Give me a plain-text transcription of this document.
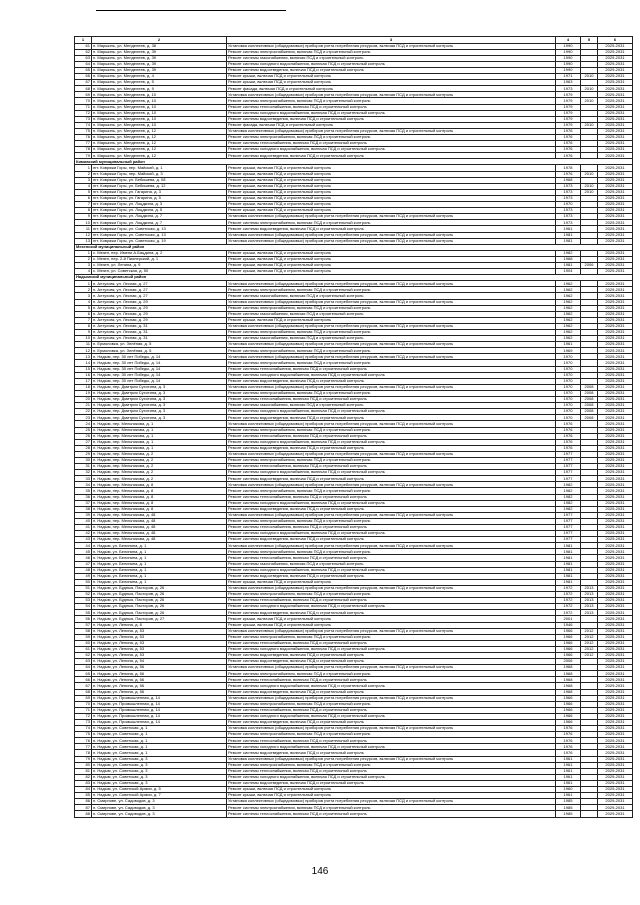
1	2	3	4	5	6
61	п. Маршинь, ул. Менделеев, д. 38	Установка коллективных (общедомовых) приборов учета потребления ресурсов, включая ПСД и строительный контроль	1990		2029-2031
62	п. Маршинь, ул. Менделеев, д. 39	Ремонт системы электроснабжения, включая ПСД и строительный контроль	1990		2029-2031
63	п. Маршинь, ул. Менделеев, д. 39	Ремонт системы газоснабжения, включая ПСД и строительный контроль	1990		2029-2031
64	п. Маршинь, ул. Менделеев, д. 39	Ремонт системы холодного водоснабжения, включая ПСД и строительный контроль	1990		2029-2031
65	п. Маршинь, ул. Менделеев, д. 39	Ремонт системы водоотведения, включая ПСД и строительный контроль	1990		2029-2031
66	п. Маршинь, ул. Менделеев, д. 4	Ремонт крыши, включая ПСД и строительный контроль	1971	2010	2029-2031
67	п. Маршинь, ул. Менделеев, д. 5	Ремонт крыши, включая ПСД и строительный контроль	1963		2029-2031
68	п. Маршинь, ул. Менделеев, д. 9	Ремонт фасада, включая ПСД и строительный контроль	1973	2010	2029-2031
69	п. Маршинь, ул. Менделеев, д. 10	Установка коллективных (общедомовых) приборов учета потребления ресурсов, включая ПСД и строительный контроль	1979		2029-2031
70	п. Маршинь, ул. Менделеев, д. 10	Ремонт системы электроснабжения, включая ПСД и строительный контроль	1979	2010	2029-2031
71	п. Маршинь, ул. Менделеев, д. 10	Ремонт системы теплоснабжения, включая ПСД и строительный контроль	1979		2029-2031
72	п. Маршинь, ул. Менделеев, д. 10	Ремонт системы холодного водоснабжения, включая ПСД и строительный контроль	1979		2029-2031
73	п. Маршинь, ул. Менделеев, д. 10	Ремонт системы водоотведения, включая ПСД и строительный контроль	1979		2029-2031
74	п. Маршинь, ул. Менделеев, д. 10	Ремонт фасада, включая ПСД и строительный контроль	1979	2010	2029-2031
75	п. Маршинь, ул. Менделеев, д. 12	Установка коллективных (общедомовых) приборов учета потребления ресурсов, включая ПСД и строительный контроль	1976		2029-2031
76	п. Маршинь, ул. Менделеев, д. 12	Ремонт системы электроснабжения, включая ПСД и строительный контроль	1976		2029-2031
77	п. Маршинь, ул. Менделеев, д. 12	Ремонт системы теплоснабжения, включая ПСД и строительный контроль	1976		2029-2031
78	п. Маршинь, ул. Менделеев, д. 12	Ремонт системы холодного водоснабжения, включая ПСД и строительный контроль	1976		2029-2031
79	п. Маршинь, ул. Менделеев, д. 12	Ремонт системы водоотведения, включая ПСД и строительный контроль	1976		2029-2031
Кимовский муниципальный район					
1	пгт. Ковряжи Горы, пер. Майский, д. 1	Ремонт крыши, включая ПСД и строительный контроль	1978		2029-2031
2	пгт. Ковряжи Горы, пер. Майский, д. 3	Ремонт крыши, включая ПСД и строительный контроль	1976	2010	2029-2031
3	пгт. Ковряжи Горы, ул. Бебишева, д. 08	Ремонт крыши, включая ПСД и строительный контроль	1968		2029-2031
4	пгт. Ковряжи Горы, ул. Бебишева, д. 12	Ремонт крыши, включая ПСД и строительный контроль	1973	2010	2029-2031
5	пгт. Ковряжи Горы, ул. Гагарина, д. 3	Ремонт крыши, включая ПСД и строительный контроль	1973	2010	2029-2031
6	пгт. Ковряжи Горы, ул. Гагарина, д. 5	Ремонт крыши, включая ПСД и строительный контроль	1973		2029-2031
7	пгт. Ковряжи Горы, ул. Лоцдкина, д. 3	Ремонт крыши, включая ПСД и строительный контроль	1970		2029-2031
8	пгт. Ковряжи Горы, ул. Лоцдкина, д. 5	Ремонт крыши, включая ПСД и строительный контроль	1973		2029-2031
9	пгт. Ковряжи Горы, ул. Лоцдкина, д. 7	Установка коллективных (общедомовых) приборов учета потребления ресурсов, включая ПСД и строительный контроль	1973		2029-2031
10	пгт. Ковряжи Горы, ул. Лоцдкина, д. 7	Ремонт системы электроснабжения, включая ПСД и строительный контроль	1973		2029-2031
11	пгт. Ковряжи Горы, ул. Советская, д. 13	Ремонт системы водоотведения, включая ПСД и строительный контроль	1961		2029-2031
12	пгт. Ковряжи Горы, ул. Советская, д. 13	Установка коллективных (общедомовых) приборов учета потребления ресурсов, включая ПСД и строительный контроль	1981		2029-2031
13	пгт. Ковряжи Горы, ул. Советская, д. 19	Установка коллективных (общедомовых) приборов учета потребления ресурсов, включая ПСД и строительный контроль	1981		2029-2031
Мезенский муниципальный район					
1	с. Мезен, пер. Имени А.Бацдина, д. 2	Ремонт крыши, включая ПСД и строительный контроль	1982		2029-2031
2	с. Мезен, пер. 2-й Пионерский, д. 1	Ремонт крыши, включая ПСД и строительный контроль	1968		2029-2031
3	с. Мезен, ул. Ленина, д. 9	Ремонт крыши, включая ПСД и строительный контроль	1981	2006	2029-2031
4	с. Мезен, ул. Советская, д. 50	Ремонт крыши, включая ПСД и строительный контроль	1904		2029-2031
Надымский муниципальный район					
1	п. Алтуховк, ул. Лесная, д. 27	Установка коллективных (общедомовых) приборов учета потребления ресурсов, включая ПСД и строительный контроль	1962		2029-2031
2	п. Алтуховк, ул. Лесная, д. 27	Ремонт системы электроснабжения, включая ПСД и строительный контроль	1962		2029-2031
3	п. Алтуховк, ул. Лесная, д. 27	Ремонт системы газоснабжения, включая ПСД и строительный контроль	1962		2029-2031
4	п. Алтуховк, ул. Лесная, д. 29	Установка коллективных (общедомовых) приборов учета потребления ресурсов, включая ПСД и строительный контроль	1962		2029-2031
5	п. Алтуховк, ул. Лесная, д. 29	Ремонт системы электроснабжения, включая ПСД и строительный контроль	1962		2029-2031
6	п. Алтуховк, ул. Лесная, д. 29	Ремонт системы газоснабжения, включая ПСД и строительный контроль	1962		2029-2031
7	п. Алтуховк, ул. Лесная, д. 29	Ремонт крыши, включая ПСД и строительный контроль	1962		2029-2031
8	п. Алтуховк, ул. Лесная, д. 31	Установка коллективных (общедомовых) приборов учета потребления ресурсов, включая ПСД и строительный контроль	1962		2029-2031
9	п. Алтуховк, ул. Лесная, д. 31	Ремонт системы электроснабжения, включая ПСД и строительный контроль	1962		2029-2031
10	п. Алтуховк, ул. Лесная, д. 31	Ремонт системы газоснабжения, включая ПСД и строительный контроль	1962		2029-2031
11	п. Ермоловка, ул. Зелёная, д. 5	Установка коллективных (общедомовых) приборов учета потребления ресурсов, включая ПСД и строительный контроль	1961		2029-2031
12	п. Ермоловка, ул. Зелёная, д. 5	Ремонт системы электроснабжения, включая ПСД и строительный контроль	1969		2029-2031
13	п. Надым, пер. 30 лет Победы, д. 14	Установка коллективных (общедомовых) приборов учета потребления ресурсов, включая ПСД и строительный контроль	1970		2029-2031
14	п. Надым, пер. 30 лет Победы, д. 14	Ремонт системы электроснабжения, включая ПСД и строительный контроль	1970		2029-2031
15	п. Надым, пер. 30 лет Победы, д. 14	Ремонт системы теплоснабжения, включая ПСД и строительный контроль	1970		2029-2031
16	п. Надым, пер. 30 лет Победы, д. 14	Ремонт системы холодного водоснабжения, включая ПСД и строительный контроль	1970		2029-2031
17	п. Надым, пер. 30 лет Победы, д. 14	Ремонт системы водоотведения, включая ПСД и строительный контроль	1970		2029-2031
18	п. Надым, пер. Дмитрия Сухотина, д. 3	Установка коллективных (общедомовых) приборов учета потребления ресурсов, включая ПСД и строительный контроль	1970	2008	2029-2031
19	п. Надым, пер. Дмитрия Сухотина, д. 3	Ремонт системы электроснабжения, включая ПСД и строительный контроль	1970	2008	2029-2031
20	п. Надым, пер. Дмитрия Сухотина, д. 3	Ремонт системы теплоснабжения, включая ПСД и строительный контроль	1970	2008	2029-2031
21	п. Надым, пер. Дмитрия Сухотина, д. 3	Ремонт системы газоснабжения, включая ПСД и строительный контроль	1970	2008	2029-2031
22	п. Надым, пер. Дмитрия Сухотина, д. 3	Ремонт системы холодного водоснабжения, включая ПСД и строительный контроль	1970	2008	2029-2031
23	п. Надым, пер. Дмитрия Сухотина, д. 3	Ремонт системы водоотведения, включая ПСД и строительный контроль	1970	2008	2029-2031
24	п. Надым, пер. Мельникова, д. 1	Установка коллективных (общедомовых) приборов учета потребления ресурсов, включая ПСД и строительный контроль	1976		2029-2031
25	п. Надым, пер. Мельникова, д. 1	Ремонт системы электроснабжения, включая ПСД и строительный контроль	1976		2029-2031
26	п. Надым, пер. Мельникова, д. 1	Ремонт системы теплоснабжения, включая ПСД и строительный контроль	1976		2029-2031
27	п. Надым, пер. Мельникова, д. 1	Ремонт системы холодного водоснабжения, включая ПСД и строительный контроль	1976		2029-2031
28	п. Надым, пер. Мельникова, д. 1	Ремонт системы водоотведения, включая ПСД и строительный контроль	1976		2029-2031
29	п. Надым, пер. Мельникова, д. 2	Установка коллективных (общедомовых) приборов учета потребления ресурсов, включая ПСД и строительный контроль	1977		2029-2031
30	п. Надым, пер. Мельникова, д. 2	Ремонт системы электроснабжения, включая ПСД и строительный контроль	1977		2029-2031
31	п. Надым, пер. Мельникова, д. 2	Ремонт системы теплоснабжения, включая ПСД и строительный контроль	1977		2029-2031
32	п. Надым, пер. Мельникова, д. 2	Ремонт системы холодного водоснабжения, включая ПСД и строительный контроль	1977		2029-2031
33	п. Надым, пер. Мельникова, д. 2	Ремонт системы водоотведения, включая ПСД и строительный контроль	1977		2029-2031
34	п. Надым, пер. Мельникова, д. 8	Установка коллективных (общедомовых) приборов учета потребления ресурсов, включая ПСД и строительный контроль	1982		2029-2031
35	п. Надым, пер. Мельникова, д. 8	Ремонт системы электроснабжения, включая ПСД и строительный контроль	1982		2029-2031
36	п. Надым, пер. Мельникова, д. 8	Ремонт системы теплоснабжения, включая ПСД и строительный контроль	1982		2029-2031
37	п. Надым, пер. Мельникова, д. 8	Ремонт системы холодного водоснабжения, включая ПСД и строительный контроль	1982		2029-2031
38	п. Надым, пер. Мельникова, д. 8	Ремонт системы водоотведения, включая ПСД и строительный контроль	1982		2029-2031
39	п. Надым, пер. Мельникова, д. 48	Установка коллективных (общедомовых) приборов учета потребления ресурсов, включая ПСД и строительный контроль	1977		2029-2031
40	п. Надым, пер. Мельникова, д. 48	Ремонт системы электроснабжения, включая ПСД и строительный контроль	1977		2029-2031
41	п. Надым, пер. Мельникова, д. 48	Ремонт системы теплоснабжения, включая ПСД и строительный контроль	1977		2029-2031
42	п. Надым, пер. Мельникова, д. 48	Ремонт системы холодного водоснабжения, включая ПСД и строительный контроль	1977		2029-2031
43	п. Надым, пер. Мельникова, д. 48	Ремонт системы водоотведения, включая ПСД и строительный контроль	1977		2029-2031
44	п. Надым, ул. Белинина, д. 1	Установка коллективных (общедомовых) приборов учета потребления ресурсов, включая ПСД и строительный контроль	1981		2029-2031
45	п. Надым, ул. Белинина, д. 1	Ремонт системы электроснабжения, включая ПСД и строительный контроль	1981		2029-2031
46	п. Надым, ул. Белинина, д. 1	Ремонт системы теплоснабжения, включая ПСД и строительный контроль	1981		2029-2031
47	п. Надым, ул. Белинина, д. 1	Ремонт системы газоснабжения, включая ПСД и строительный контроль	1981		2029-2031
48	п. Надым, ул. Белинина, д. 1	Ремонт системы холодного водоснабжения, включая ПСД и строительный контроль	1981		2029-2031
49	п. Надым, ул. Белинина, д. 1	Ремонт системы водоотведения, включая ПСД и строительный контроль	1981		2029-2031
50	п. Надым, ул. Белинина, д. 1	Ремонт крыши, включая ПСД и строительный контроль	1981		2029-2031
51	п. Надым, ул. Будныя, Пасторов, д. 26	Установка коллективных (общедомовых) приборов учета потребления ресурсов, включая ПСД и строительный контроль	1972	2013	2029-2031
52	п. Надым, ул. Будныя, Пасторов, д. 26	Ремонт системы электроснабжения, включая ПСД и строительный контроль	1972	2013	2029-2031
53	п. Надым, ул. Будныя, Пасторов, д. 26	Ремонт системы теплоснабжения, включая ПСД и строительный контроль	1972	2013	2029-2031
54	п. Надым, ул. Будныя, Пасторов, д. 26	Ремонт системы холодного водоснабжения, включая ПСД и строительный контроль	1972	2013	2029-2031
55	п. Надым, ул. Будныя, Пасторов, д. 26	Ремонт системы водоотведения, включая ПСД и строительный контроль	1972	2013	2029-2031
56	п. Надым, ул. Будныя, Пасторов, д. 27	Ремонт крыши, включая ПСД и строительный контроль	2001		2029-2031
57	п. Надым, ул. Ленина, д. 8	Ремонт крыши, включая ПСД и строительный контроль	1946		2029-2031
58	п. Надым, ул. Ленина, д. 53	Установка коллективных (общедомовых) приборов учета потребления ресурсов, включая ПСД и строительный контроль	1966	2012	2029-2031
59	п. Надым, ул. Ленина, д. 53	Ремонт системы электроснабжения, включая ПСД и строительный контроль	1966	2012	2029-2031
60	п. Надым, ул. Ленина, д. 53	Ремонт системы теплоснабжения, включая ПСД и строительный контроль	1966	2012	2029-2031
61	п. Надым, ул. Ленина, д. 53	Ремонт системы холодного водоснабжения, включая ПСД и строительный контроль	1966	2012	2029-2031
62	п. Надым, ул. Ленина, д. 53	Ремонт системы водоотведения, включая ПСД и строительный контроль	1966	2012	2029-2031
63	п. Надым, ул. Ленина, д. 54	Ремонт системы водоотведения, включая ПСД и строительный контроль	2006		2029-2031
64	п. Надым, ул. Ленина, д. 56	Установка коллективных (общедомовых) приборов учета потребления ресурсов, включая ПСД и строительный контроль	1968		2029-2031
65	п. Надым, ул. Ленина, д. 56	Ремонт системы электроснабжения, включая ПСД и строительный контроль	1968		2029-2031
66	п. Надым, ул. Ленина, д. 56	Ремонт системы теплоснабжения, включая ПСД и строительный контроль	1968		2029-2031
67	п. Надым, ул. Ленина, д. 56	Ремонт системы холодного водоснабжения, включая ПСД и строительный контроль	1968		2029-2031
68	п. Надым, ул. Ленина, д. 56	Ремонт системы водоотведения, включая ПСД и строительный контроль	1968		2029-2031
69	п. Надым, ул. Промышленная, д. 14	Установка коллективных (общедомовых) приборов учета потребления ресурсов, включая ПСД и строительный контроль	1966		2029-2031
70	п. Надым, ул. Промышленная, д. 14	Ремонт системы электроснабжения, включая ПСД и строительный контроль	1966		2029-2031
71	п. Надым, ул. Промышленная, д. 14	Ремонт системы теплоснабжения, включая ПСД и строительный контроль	1966		2029-2031
72	п. Надым, ул. Промышленная, д. 14	Ремонт системы холодного водоснабжения, включая ПСД и строительный контроль	1966		2029-2031
73	п. Надым, ул. Промышленная, д. 14	Ремонт системы водоотведения, включая ПСД и строительный контроль	1966		2029-2031
74	п. Надым, ул. Советская, д. 1	Установка коллективных (общедомовых) приборов учета потребления ресурсов, включая ПСД и строительный контроль	1976		2029-2031
75	п. Надым, ул. Советская, д. 1	Ремонт системы электроснабжения, включая ПСД и строительный контроль	1976		2029-2031
76	п. Надым, ул. Советская, д. 1	Ремонт системы теплоснабжения, включая ПСД и строительный контроль	1976		2029-2031
77	п. Надым, ул. Советская, д. 1	Ремонт системы холодного водоснабжения, включая ПСД и строительный контроль	1976		2029-2031
78	п. Надым, ул. Советская, д. 1	Ремонт системы водоотведения, включая ПСД и строительный контроль	1976		2029-2031
79	п. Надым, ул. Советская, д. 3	Установка коллективных (общедомовых) приборов учета потребления ресурсов, включая ПСД и строительный контроль	1961		2029-2031
80	п. Надым, ул. Советская, д. 3	Ремонт системы электроснабжения, включая ПСД и строительный контроль	1961		2029-2031
81	п. Надым, ул. Советская, д. 3	Ремонт системы теплоснабжения, включая ПСД и строительный контроль	1961		2029-2031
82	п. Надым, ул. Советская, д. 3	Ремонт системы холодного водоснабжения, включая ПСД и строительный контроль	1961		2029-2031
83	п. Надым, ул. Советская, д. 3	Ремонт системы водоотведения, включая ПСД и строительный контроль	1961		2029-2031
84	п. Надым, ул. Советской Армии, д. 5	Ремонт крыши, включая ПСД и строительный контроль	1960		2029-2031
85	п. Надым, ул. Советской Армии, д. 7	Ремонт крыши, включая ПСД и строительный контроль	1961		2029-2031
86	п. Смирнове, ул. Садоводов, д. 3	Установка коллективных (общедомовых) приборов учета потребления ресурсов, включая ПСД и строительный контроль	1985		2029-2031
87	п. Смирнове, ул. Садоводов, д. 3	Ремонт системы электроснабжения, включая ПСД и строительный контроль	1985		2029-2031
88	п. Смирнове, ул. Садоводов, д. 3	Ремонт системы теплоснабжения, включая ПСД и строительный контроль	1985		2029-2031
146
